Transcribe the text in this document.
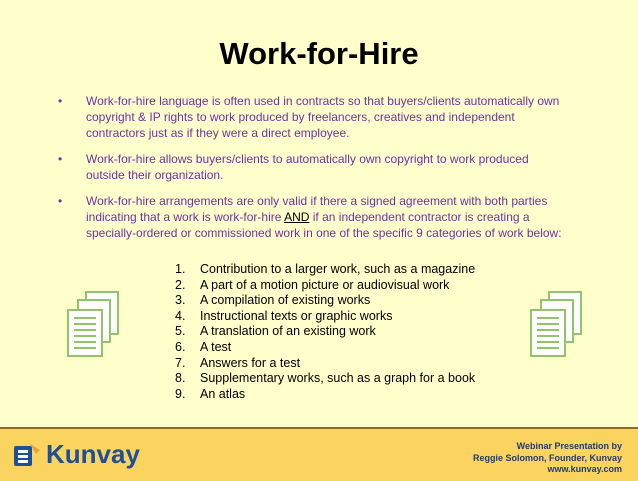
Work-for-Hire
•	Work-for-hire language is often used in contracts so that buyers/clients automatically own copyright & IP rights to work produced by freelancers, creatives and independent contractors just as if they were a direct employee.
•	Work-for-hire allows buyers/clients to automatically own copyright to work produced outside their organization.
•	Work-for-hire arrangements are only valid if there a signed agreement with both parties indicating that a work is work-for-hire AND if an independent contractor is creating a specially-ordered or commissioned work in one of the specific 9 categories of work below:
1.	Contribution to a larger work, such as a magazine
2.	A part of a motion picture or audiovisual work
3.	A compilation of existing works
4.	Instructional texts or graphic works
5.	A translation of an existing work
6.	A test
7.	Answers for a test
8.	Supplementary works, such as a graph for a book
9.	An atlas
Kunvay	Webinar Presentation by
Reggie Solomon, Founder, Kunvay
www.kunvay.com
